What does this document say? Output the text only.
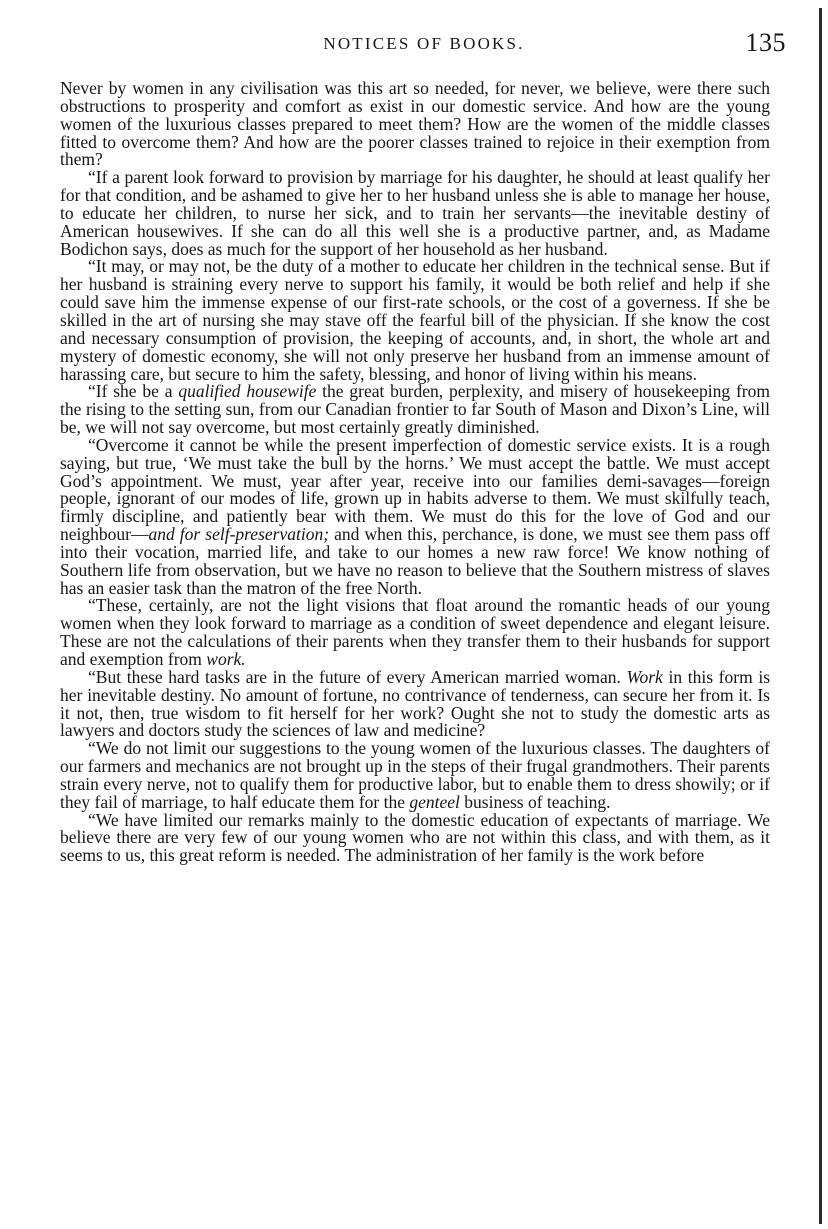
NOTICES OF BOOKS.	135

Never by women in any civilisation was this art so needed, for never, we believe, were there such obstructions to prosperity and comfort as exist in our domestic service. And how are the young women of the luxurious classes prepared to meet them? How are the women of the middle classes fitted to overcome them? And how are the poorer classes trained to rejoice in their exemption from them?

“If a parent look forward to provision by marriage for his daughter, he should at least qualify her for that condition, and be ashamed to give her to her husband unless she is able to manage her house, to educate her children, to nurse her sick, and to train her servants—the inevitable destiny of American housewives. If she can do all this well she is a productive partner, and, as Madame Bodichon says, does as much for the support of her household as her husband.

“It may, or may not, be the duty of a mother to educate her children in the technical sense. But if her husband is straining every nerve to support his family, it would be both relief and help if she could save him the immense expense of our first-rate schools, or the cost of a governess. If she be skilled in the art of nursing she may stave off the fearful bill of the physician. If she know the cost and necessary consumption of provision, the keeping of accounts, and, in short, the whole art and mystery of domestic economy, she will not only preserve her husband from an immense amount of harassing care, but secure to him the safety, blessing, and honor of living within his means.

“If she be a qualified housewife the great burden, perplexity, and misery of housekeeping from the rising to the setting sun, from our Canadian frontier to far South of Mason and Dixon’s Line, will be, we will not say overcome, but most certainly greatly diminished.

“Overcome it cannot be while the present imperfection of domestic service exists. It is a rough saying, but true, ‘We must take the bull by the horns.’ We must accept the battle. We must accept God’s appointment. We must, year after year, receive into our families demi-savages—foreign people, ignorant of our modes of life, grown up in habits adverse to them. We must skilfully teach, firmly discipline, and patiently bear with them. We must do this for the love of God and our neighbour—and for self-preservation; and when this, perchance, is done, we must see them pass off into their vocation, married life, and take to our homes a new raw force! We know nothing of Southern life from observation, but we have no reason to believe that the Southern mistress of slaves has an easier task than the matron of the free North.

“These, certainly, are not the light visions that float around the romantic heads of our young women when they look forward to marriage as a condition of sweet dependence and elegant leisure. These are not the calculations of their parents when they transfer them to their husbands for support and exemption from work.

“But these hard tasks are in the future of every American married woman. Work in this form is her inevitable destiny. No amount of fortune, no contrivance of tenderness, can secure her from it. Is it not, then, true wisdom to fit herself for her work? Ought she not to study the domestic arts as lawyers and doctors study the sciences of law and medicine?

“We do not limit our suggestions to the young women of the luxurious classes. The daughters of our farmers and mechanics are not brought up in the steps of their frugal grandmothers. Their parents strain every nerve, not to qualify them for productive labor, but to enable them to dress showily; or if they fail of marriage, to half educate them for the genteel business of teaching.

“We have limited our remarks mainly to the domestic education of expectants of marriage. We believe there are very few of our young women who are not within this class, and with them, as it seems to us, this great reform is needed. The administration of her family is the work before
